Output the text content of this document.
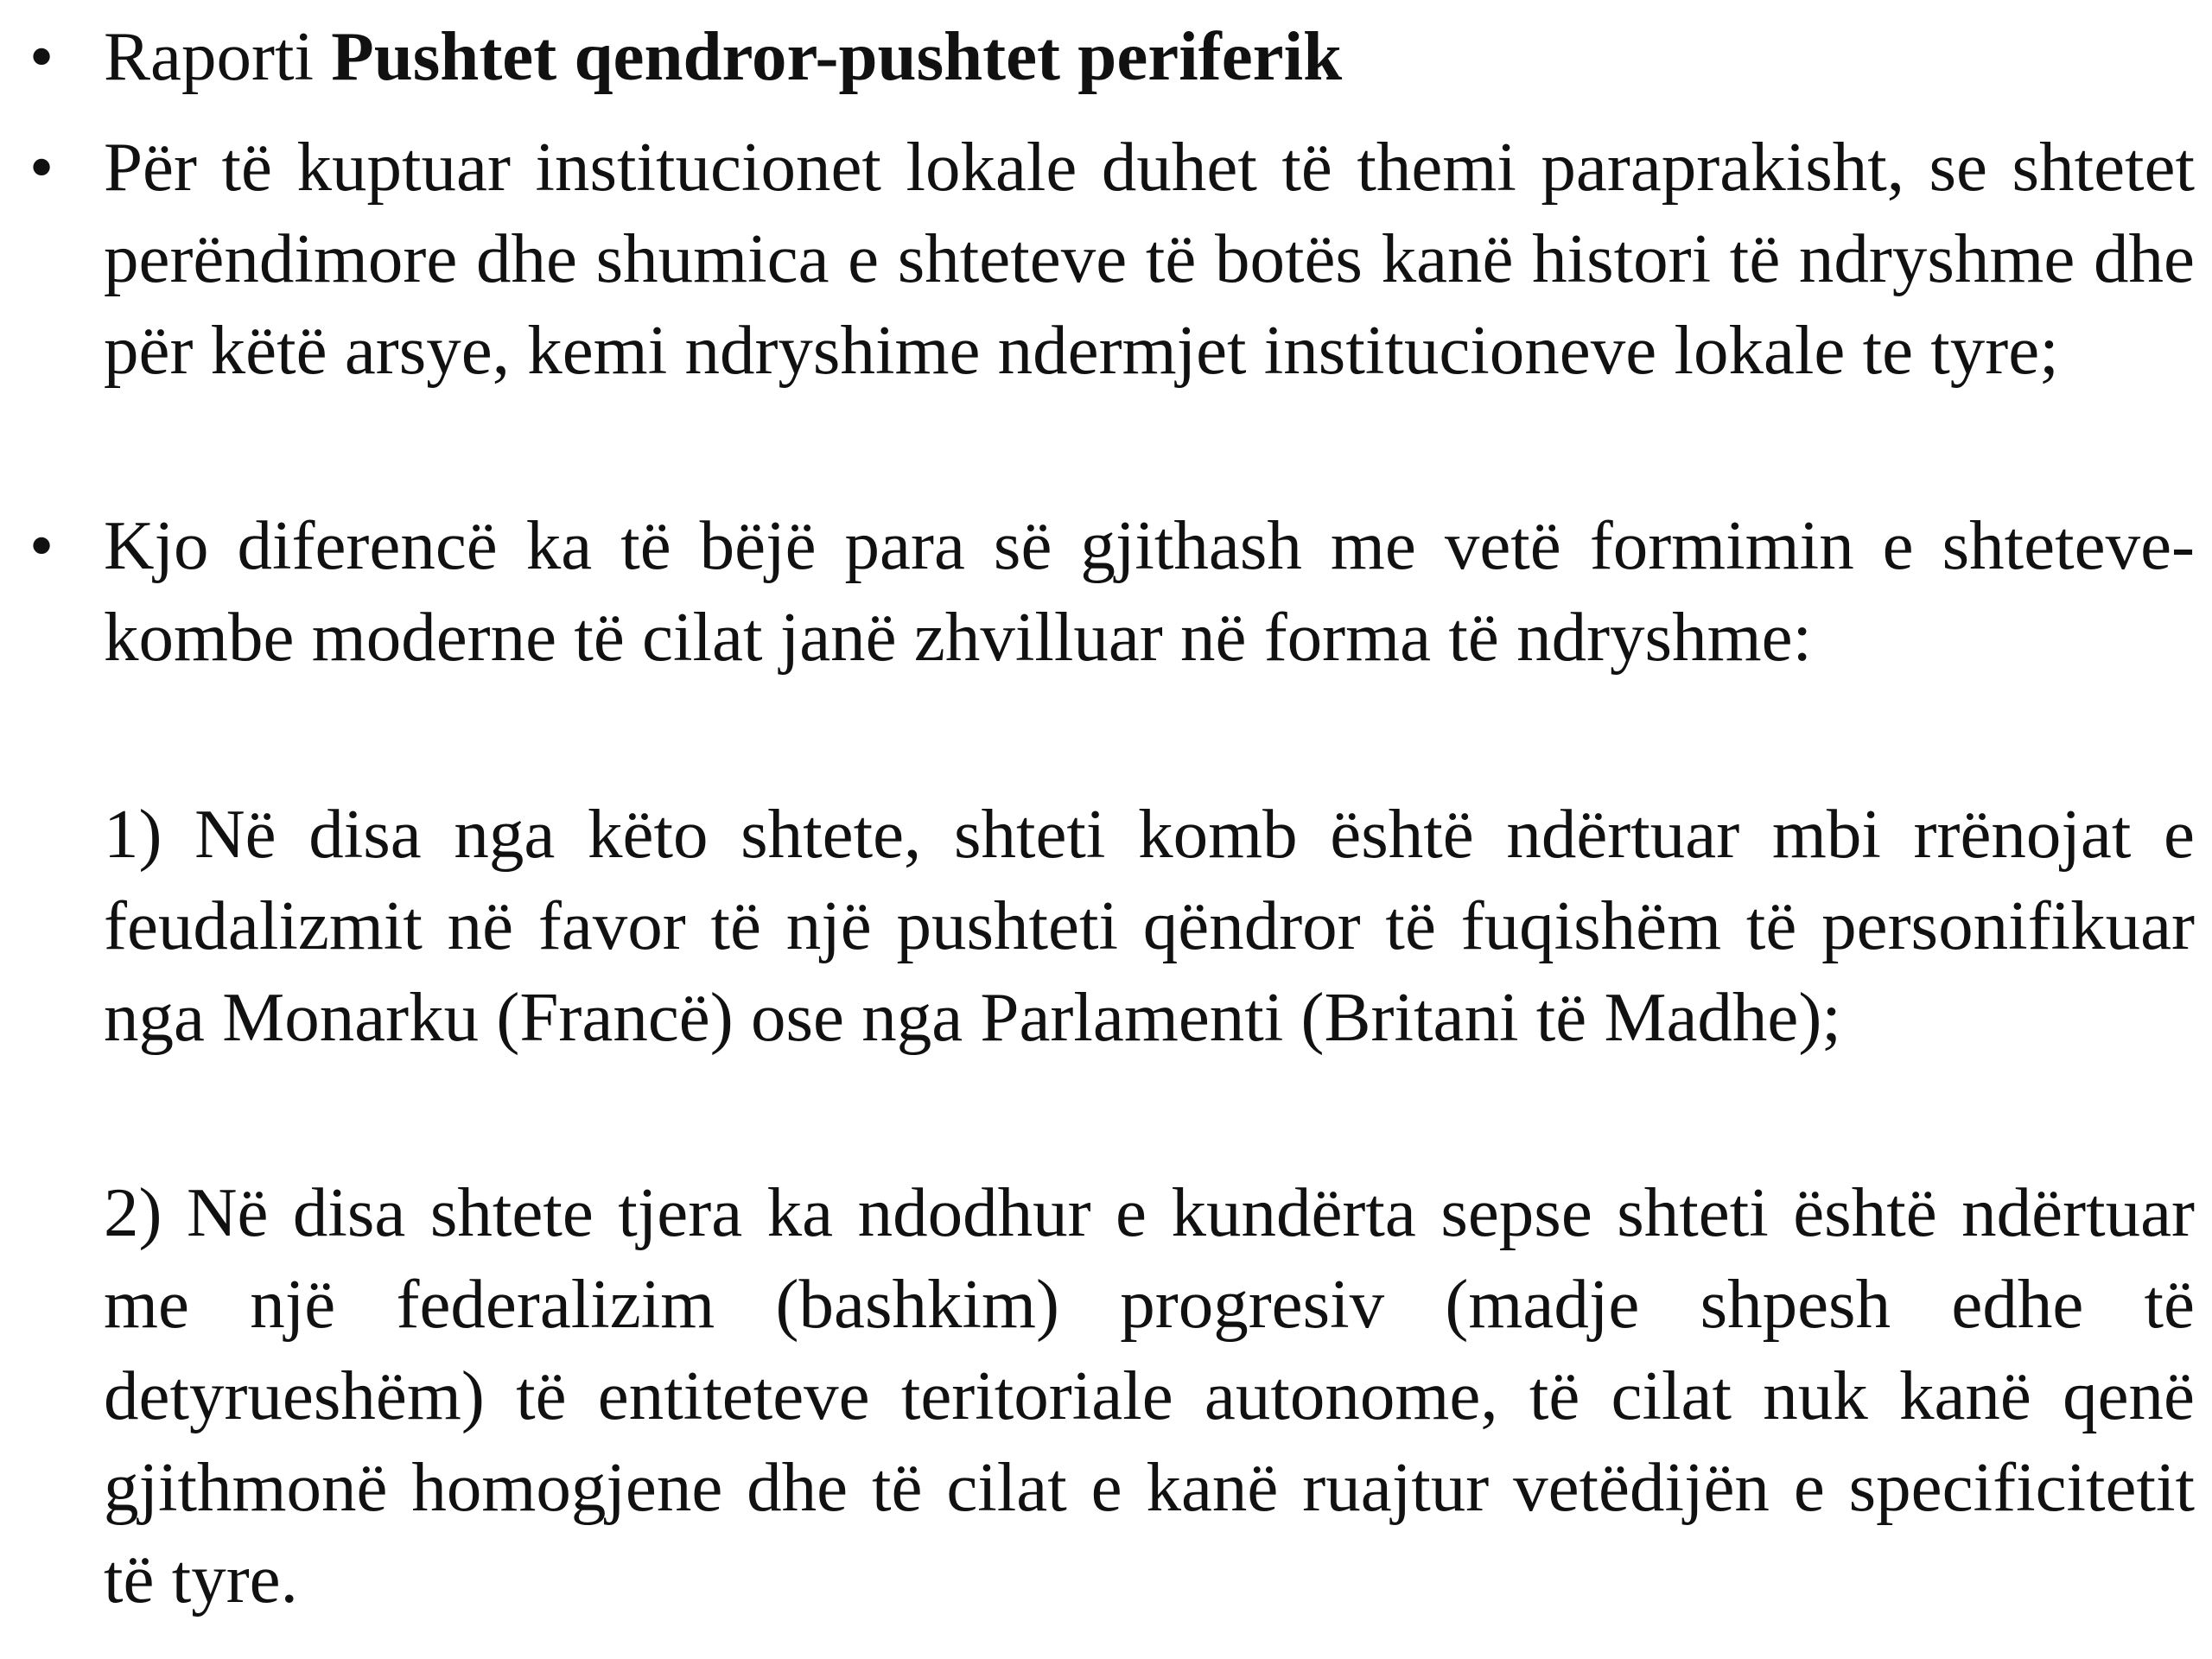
• Raporti Pushtet qendror-pushtet periferik
• Për të kuptuar institucionet lokale duhet të themi paraprakisht, se shtetet perëndimore dhe shumica e shteteve të botës kanë histori të ndryshme dhe për këtë arsye, kemi ndryshime ndermjet institucioneve lokale te tyre;
• Kjo diferencë ka të bëjë para së gjithash me vetë formimin e shteteve-kombe moderne të cilat janë zhvilluar në forma të ndryshme:
1) Në disa nga këto shtete, shteti komb është ndërtuar mbi rrënojat e feudalizmit në favor të një pushteti qëndror të fuqishëm të personifikuar nga Monarku (Francë) ose nga Parlamenti (Britani të Madhe);
2) Në disa shtete tjera ka ndodhur e kundërta sepse shteti është ndërtuar me një federalizim (bashkim) progresiv (madje shpesh edhe të detyrueshëm) të entiteteve teritoriale autonome, të cilat nuk kanë qenë gjithmonë homogjene dhe të cilat e kanë ruajtur vetëdijën e specificitetit të tyre.
